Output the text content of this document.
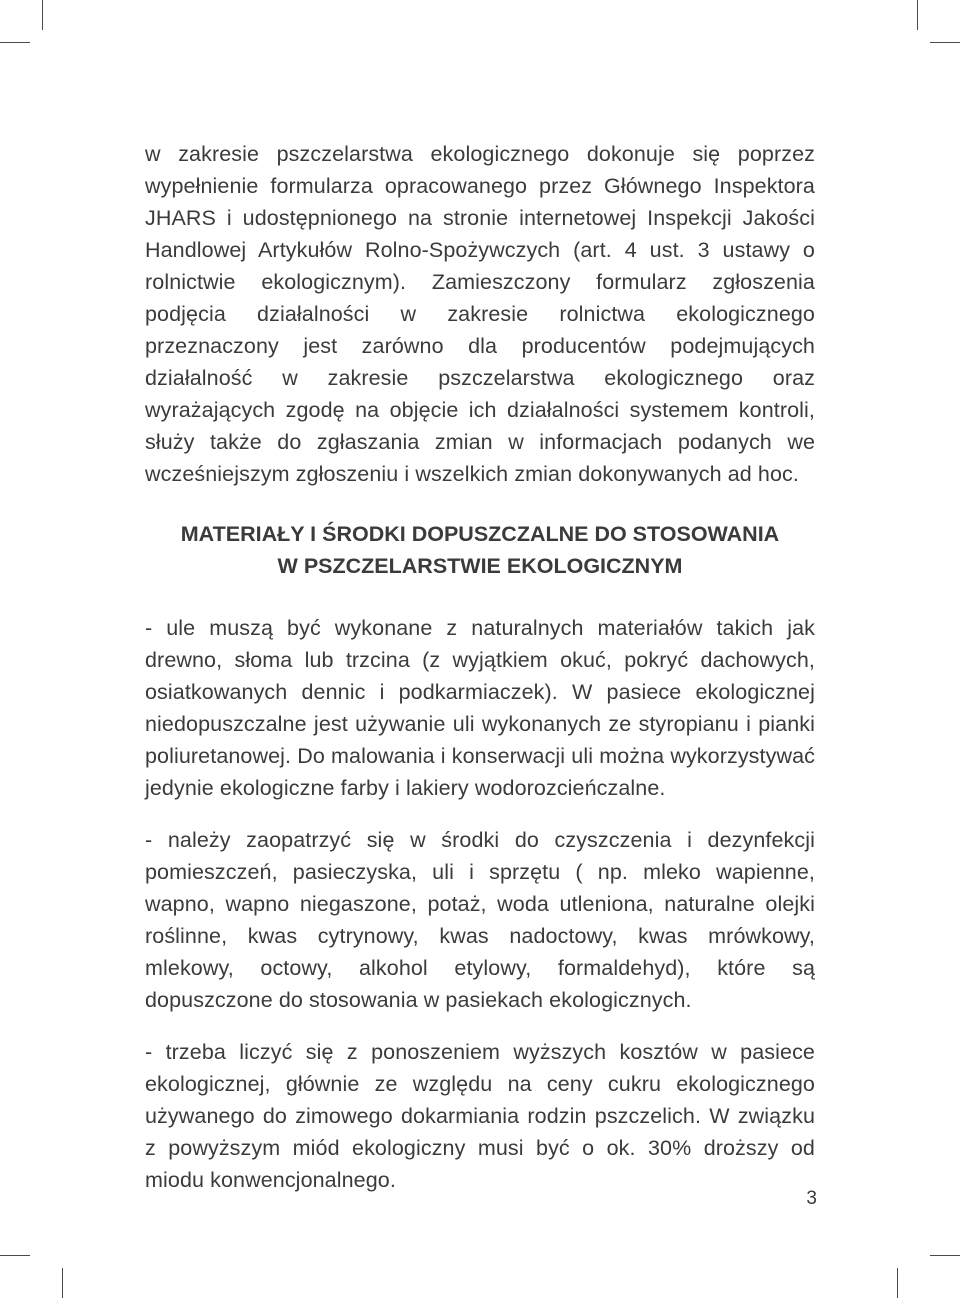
w zakresie pszczelarstwa ekologicznego dokonuje się poprzez wypełnienie formularza opracowanego przez Głównego Inspektora JHARS i udostępnionego na stronie internetowej Inspekcji Jakości Handlowej Artykułów Rolno-Spożywczych (art. 4 ust. 3 ustawy o rolnictwie ekologicznym). Zamieszczony formularz zgłoszenia podjęcia działalności w zakresie rolnictwa ekologicznego przeznaczony jest zarówno dla producentów podejmujących działalność w zakresie pszczelarstwa ekologicznego oraz wyrażających zgodę na objęcie ich działalności systemem kontroli, służy także do zgłaszania zmian w informacjach podanych we wcześniejszym zgłoszeniu i wszelkich zmian dokonywanych ad hoc.

MATERIAŁY I ŚRODKI DOPUSZCZALNE DO STOSOWANIA
W PSZCZELARSTWIE EKOLOGICZNYM

- ule muszą być wykonane z naturalnych materiałów takich jak drewno, słoma lub trzcina (z wyjątkiem okuć, pokryć dachowych, osiatkowanych dennic i podkarmiaczek). W pasiece ekologicznej niedopuszczalne jest używanie uli wykonanych ze styropianu i pianki poliuretanowej. Do malowania i konserwacji uli można wykorzystywać jedynie ekologiczne farby i lakiery wodorozcieńczalne.

- należy zaopatrzyć się w środki do czyszczenia i dezynfekcji pomieszczeń, pasieczyska, uli i sprzętu ( np. mleko wapienne, wapno, wapno niegaszone, potaż, woda utleniona, naturalne olejki roślinne, kwas cytrynowy, kwas nadoctowy, kwas mrówkowy, mlekowy, octowy, alkohol etylowy, formaldehyd), które są dopuszczone do stosowania w pasiekach ekologicznych.

- trzeba liczyć się z ponoszeniem wyższych kosztów w pasiece ekologicznej, głównie ze względu na ceny cukru ekologicznego używanego do zimowego dokarmiania rodzin pszczelich. W związku z powyższym miód ekologiczny musi być o ok. 30% droższy od miodu konwencjonalnego.

3
